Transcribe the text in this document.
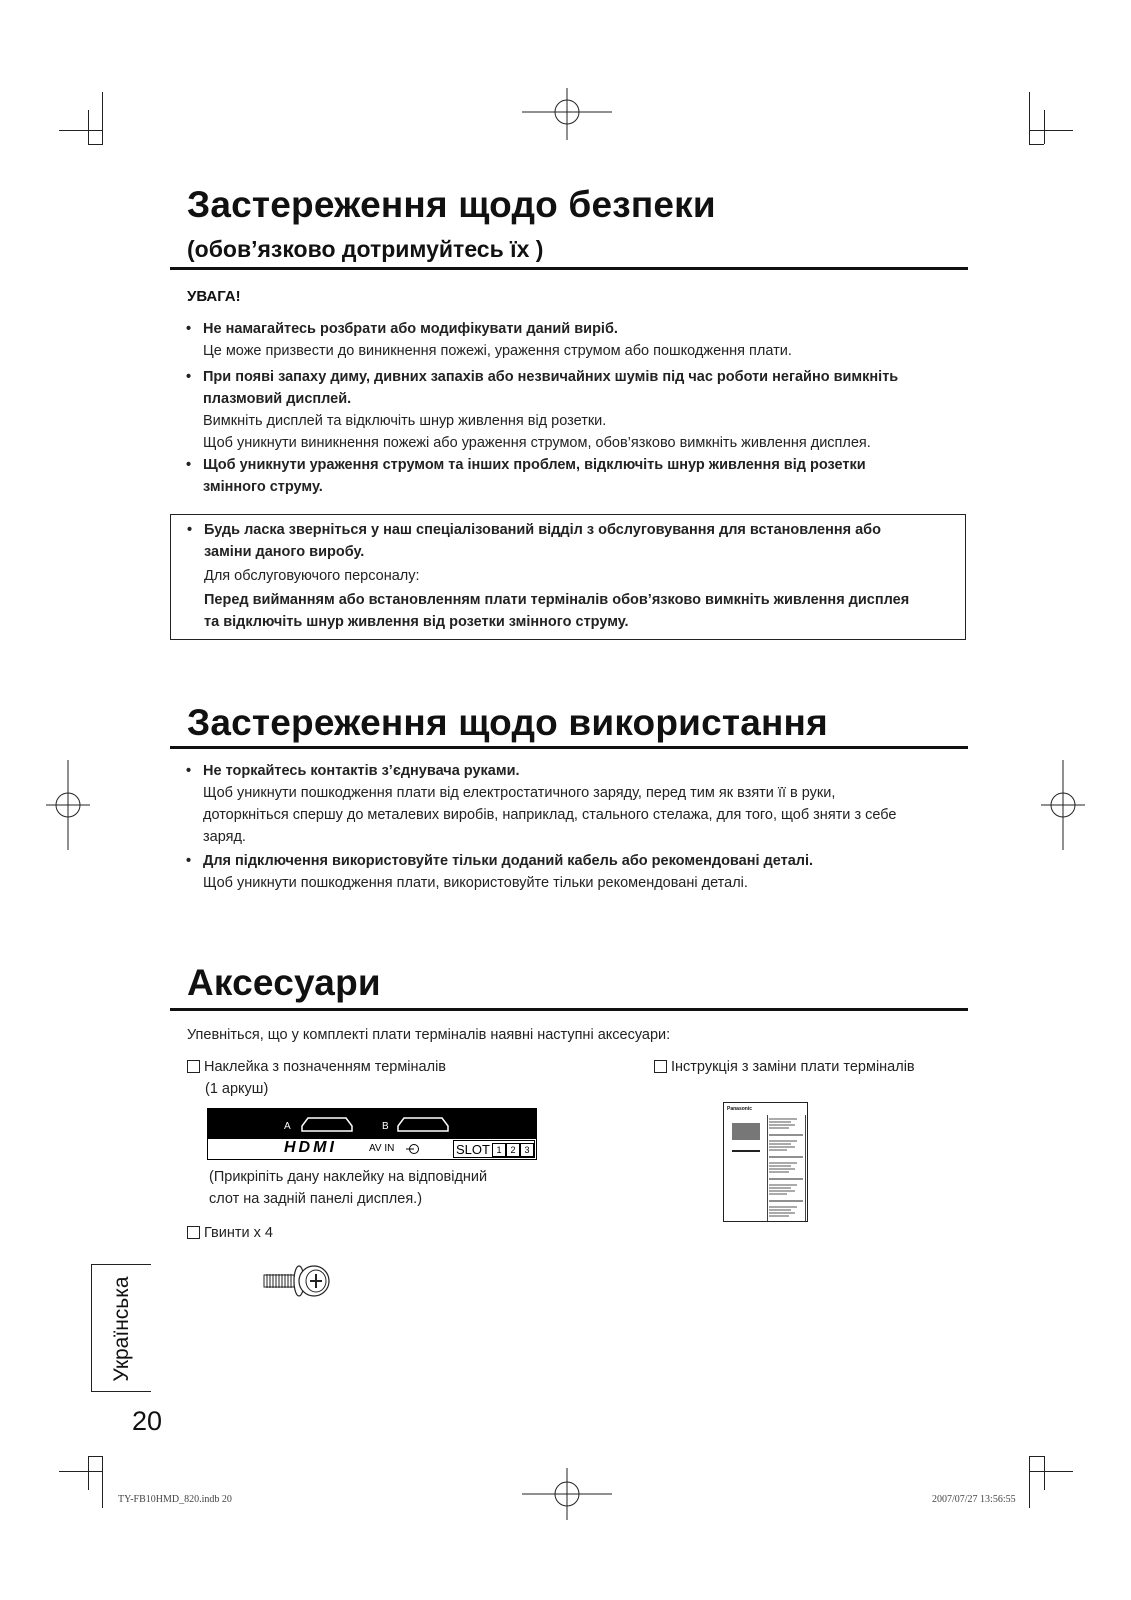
Застереження щодо безпеки
(обов’язково дотримуйтесь їх )
УВАГА!
• Не намагайтесь розбрати або модифікувати даний виріб.
Це може призвести до виникнення пожежі, ураження струмом або пошкодження плати.
• При появі запаху диму, дивних запахів або незвичайних шумів під час роботи негайно вимкніть
плазмовий дисплей.
Вимкніть дисплей та відключіть шнур живлення від розетки.
Щоб уникнути виникнення пожежі або ураження струмом, обов’язково вимкніть живлення дисплея.
• Щоб уникнути ураження струмом та інших проблем, відключіть шнур живлення від розетки
змінного струму.
• Будь ласка зверніться у наш спеціалізований відділ з обслуговування для встановлення або
заміни даного виробу.
Для обслуговуючого персоналу:
Перед вийманням або встановленням плати терміналів обов’язково вимкніть живлення дисплея
та відключіть шнур живлення від розетки змінного струму.
Застереження щодо використання
• Не торкайтесь контактів з’єднувача руками.
Щоб уникнути пошкодження плати від електростатичного заряду, перед тим як взяти її в руки,
доторкніться спершу до металевих виробів, наприклад, стального стелажа, для того, щоб зняти з себе
заряд.
• Для підключення використовуйте тільки доданий кабель або рекомендовані деталі.
Щоб уникнути пошкодження плати, використовуйте тільки рекомендовані деталі.
Аксесуари
Упевніться, що у комплекті плати терміналів наявні наступні аксесуари:
Наклейка з позначенням терміналів
(1 аркуш)
A	B
HDMI	AV IN	SLOT 1 2 3
(Прикріпіть дану наклейку на відповідний
слот на задній панелі дисплея.)
Гвинти x 4
Інструкція з заміни плати терміналів
Panasonic
Українська
20
TY-FB10HMD_820.indb 20	2007/07/27 13:56:55
